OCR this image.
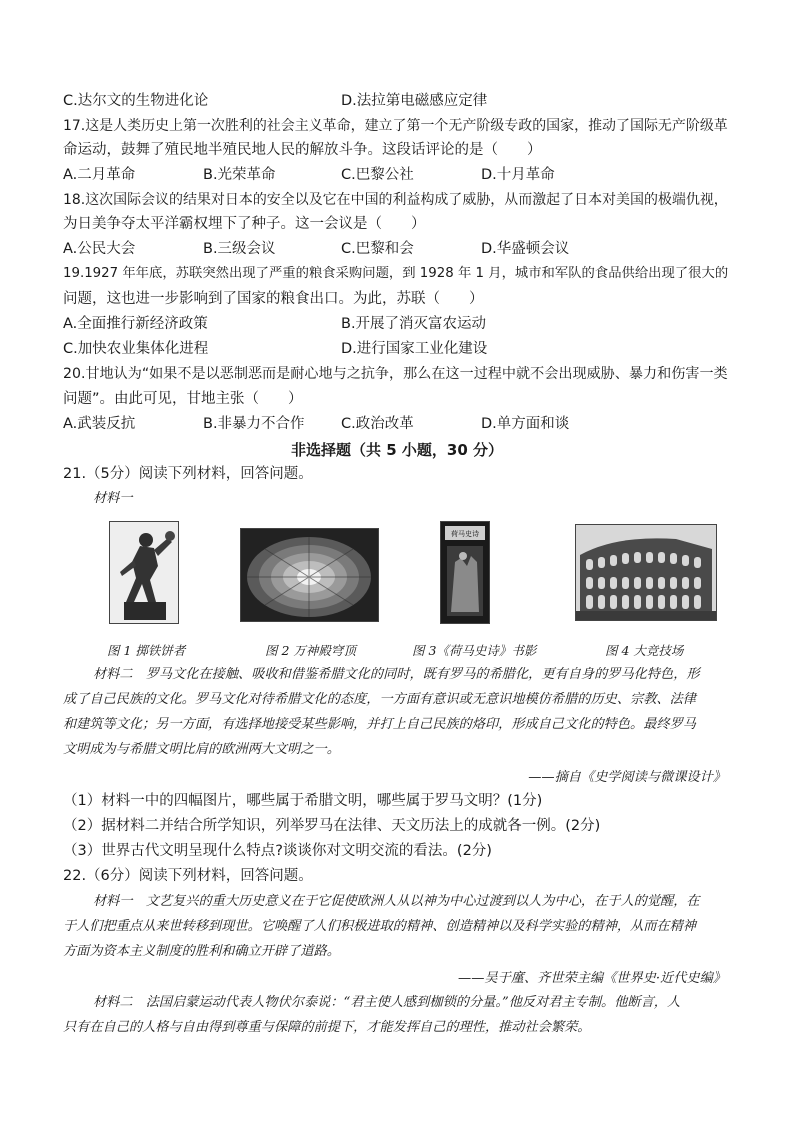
C.达尔文的生物进化论	D.法拉第电磁感应定律
17.这是人类历史上第一次胜利的社会主义革命，建立了第一个无产阶级专政的国家，推动了国际无产阶级革
命运动，鼓舞了殖民地半殖民地人民的解放斗争。这段话评论的是（　　）
A.二月革命	B.光荣革命	C.巴黎公社	D.十月革命
18.这次国际会议的结果对日本的安全以及它在中国的利益构成了威胁，从而激起了日本对美国的极端仇视，
为日美争夺太平洋霸权埋下了种子。这一会议是（　　）
A.公民大会	B.三级会议	C.巴黎和会	D.华盛顿会议
19.1927 年年底，苏联突然出现了严重的粮食采购问题，到 1928 年 1 月，城市和军队的食品供给出现了很大的
问题，这也进一步影响到了国家的粮食出口。为此，苏联（　　）
A.全面推行新经济政策	B.开展了消灭富农运动
C.加快农业集体化进程	D.进行国家工业化建设
20.甘地认为“如果不是以恶制恶而是耐心地与之抗争，那么在这一过程中就不会出现威胁、暴力和伤害一类
问题”。由此可见，甘地主张（　　）
A.武装反抗	B.非暴力不合作	C.政治改革	D.单方面和谈
非选择题（共 5 小题，30 分）
21.（5分）阅读下列材料，回答问题。
材料一
荷马史诗
图 1 掷铁饼者	图 2 万神殿穹顶	图 3《荷马史诗》书影	图 4 大竞技场
材料二　罗马文化在接触、吸收和借鉴希腊文化的同时，既有罗马的希腊化，更有自身的罗马化特色，形
成了自己民族的文化。罗马文化对待希腊文化的态度，一方面有意识或无意识地模仿希腊的历史、宗教、法律
和建筑等文化；另一方面，有选择地接受某些影响，并打上自己民族的烙印，形成自己文化的特色。最终罗马
文明成为与希腊文明比肩的欧洲两大文明之一。
——摘自《史学阅读与微课设计》
（1）材料一中的四幅图片，哪些属于希腊文明，哪些属于罗马文明？(1分)
（2）据材料二并结合所学知识，列举罗马在法律、天文历法上的成就各一例。(2分)
（3）世界古代文明呈现什么特点?谈谈你对文明交流的看法。(2分)
22.（6分）阅读下列材料，回答问题。
材料一　文艺复兴的重大历史意义在于它促使欧洲人从以神为中心过渡到以人为中心，在于人的觉醒，在
于人们把重点从来世转移到现世。它唤醒了人们积极进取的精神、创造精神以及科学实验的精神，从而在精神
方面为资本主义制度的胜利和确立开辟了道路。
——吴于廑、齐世荣主编《世界史·近代史编》
材料二　法国启蒙运动代表人物伏尔泰说：“君主使人感到枷锁的分量。”他反对君主专制。他断言，人
只有在自己的人格与自由得到尊重与保障的前提下，才能发挥自己的理性，推动社会繁荣。
